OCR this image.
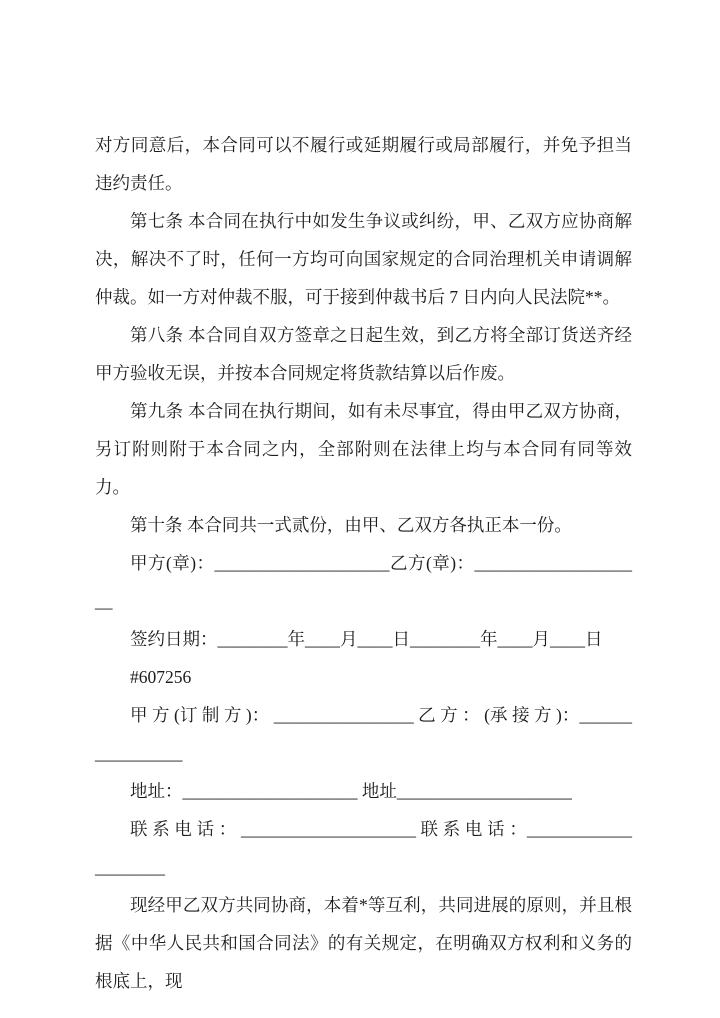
对方同意后，本合同可以不履行或延期履行或局部履行，并免予担当违约责任。

第七条 本合同在执行中如发生争议或纠纷，甲、乙双方应协商解决，解决不了时，任何一方均可向国家规定的合同治理机关申请调解仲裁。如一方对仲裁不服，可于接到仲裁书后 7 日内向人民法院**。

第八条 本合同自双方签章之日起生效，到乙方将全部订货送齐经甲方验收无误，并按本合同规定将货款结算以后作废。

第九条 本合同在执行期间，如有未尽事宜，得由甲乙双方协商，另订附则附于本合同之内，全部附则在法律上均与本合同有同等效力。

第十条 本合同共一式贰份，由甲、乙双方各执正本一份。

甲方(章)：____________________乙方(章)：____________________

签约日期：________年____月____日________年____月____日

#607256

甲 方 (订 制 方 )： ________________ 乙 方 ： (承 接 方 )：________________

地址：____________________ 地址____________________

联 系 电 话 ： ____________________ 联 系 电 话 ：____________________

现经甲乙双方共同协商，本着*等互利，共同进展的原则，并且根据《中华人民共和国合同法》的有关规定，在明确双方权利和义务的根底上，现
